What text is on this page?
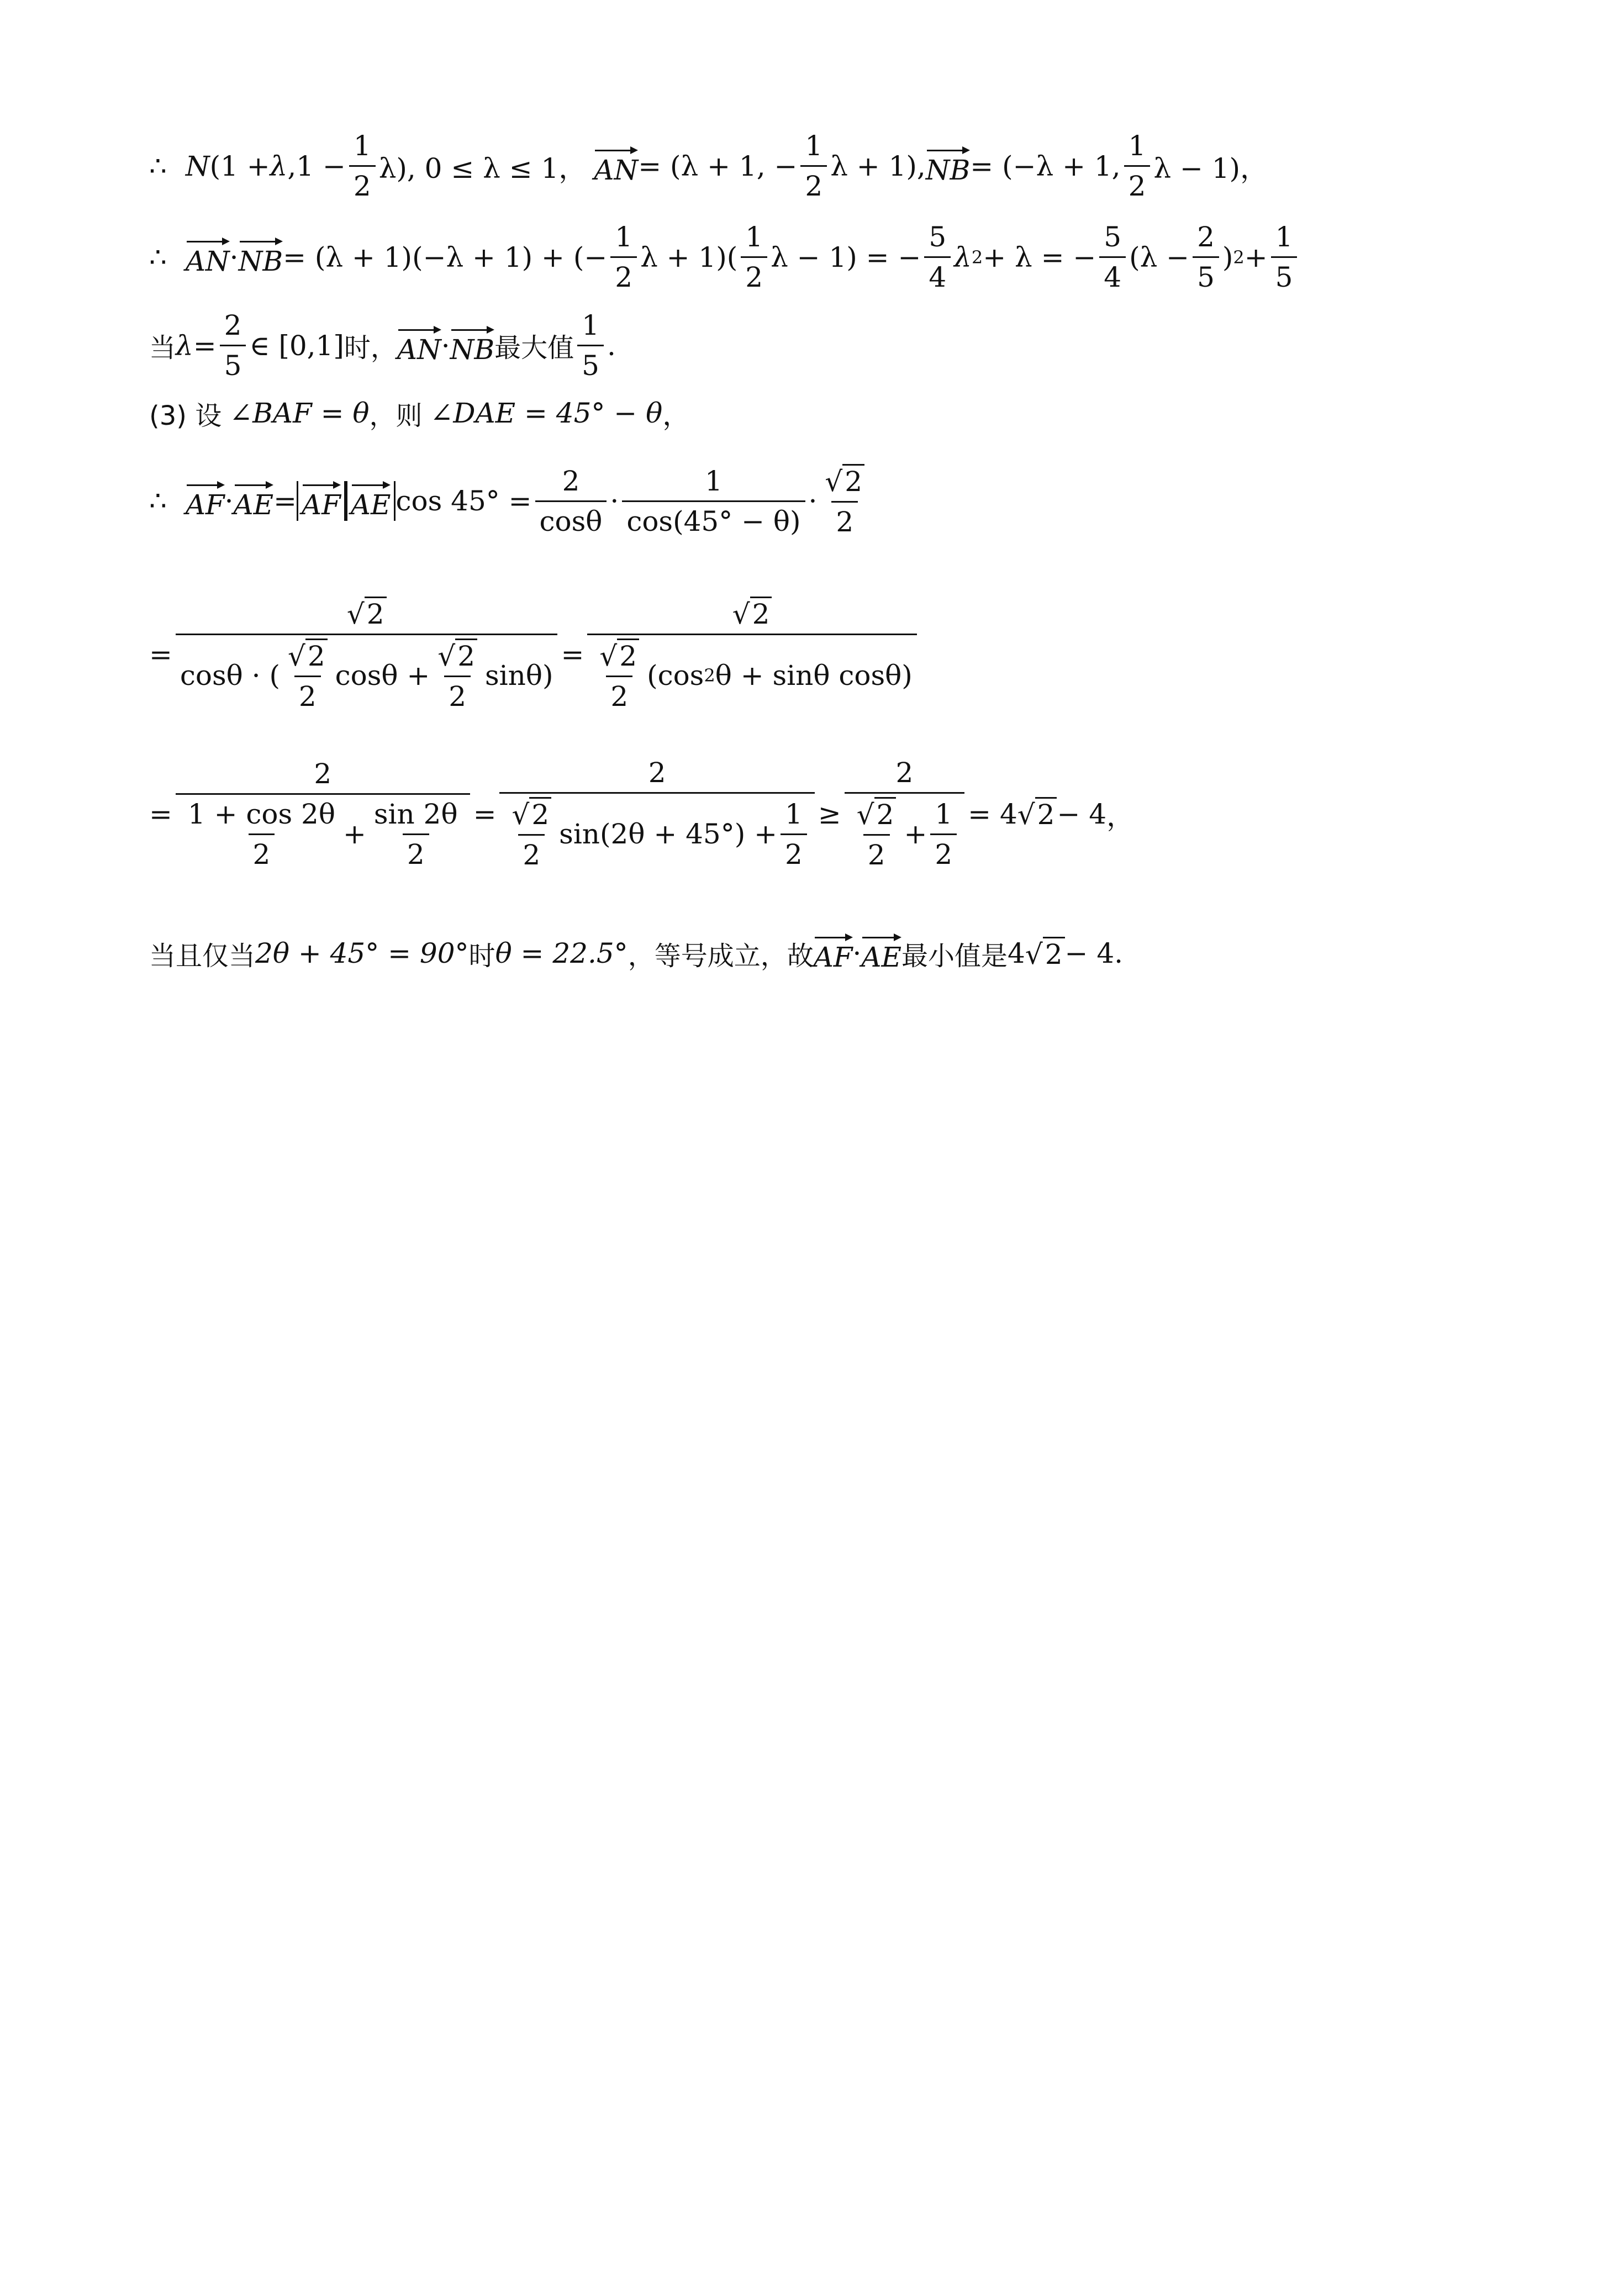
∴ N (1 + λ $,1 - \frac{1}{2} \lambda$), 0 ≤ λ ≤ 1， AN = (λ + 1, − $\frac{1}{2}$ λ + 1), NB = (−λ + 1, $\frac{1}{2}$ λ − 1)，
∴ AN · NB = (λ + 1)(−λ + 1) + (− $\frac{1}{2}$ $\lambda + 1)( \frac{1}{2}$ λ − 1) = − $\frac{5}{4}$ λ 2 + λ = − $\frac{5}{4} (\lambda - \frac{2}{5}$ ) $2 + \frac{1}{5}$
当 $\lambda = \frac{2}{5}$ ∈ [0,1] 时， AN · NB 最大值 $\frac{1}{5}$ .
(3) 设 ∠BAF = θ ，则 ∠DAE = 45° − θ ，
∴ AF · AE = AF AE $\cos 45^\circ = \frac{2}{\cos\theta} \cdot \frac{1}{\cos(45^\circ - \theta)} \cdot \frac{√ 2}{2}$
=
√ 2
cosθ · ( $\frac{√ 2}{2}$ $\cos\theta + \frac{√ 2}{2} \sin\theta$)
= $\frac{√ 2}{\frac{√ 2}{2} (\cos 2 \theta + \sin\theta \cos\theta)}$
= $\frac{2}{\frac{1 + \cos 2\theta}{2} + \frac{\sin 2\theta}{2}} = \frac{2}{\frac{√ 2}{2} \sin(2\theta + 45^\circ) + \frac{1}{2}} \ge \frac{2}{\frac{√ 2}{2} + \frac{1}{2}} = 4$ √ 2 − 4 ，
当且仅当 2θ + 45° = 90° 时 θ = 22.5° ，等号成立，故 AF · AE 最小值是 4 √ 2 − 4 .
